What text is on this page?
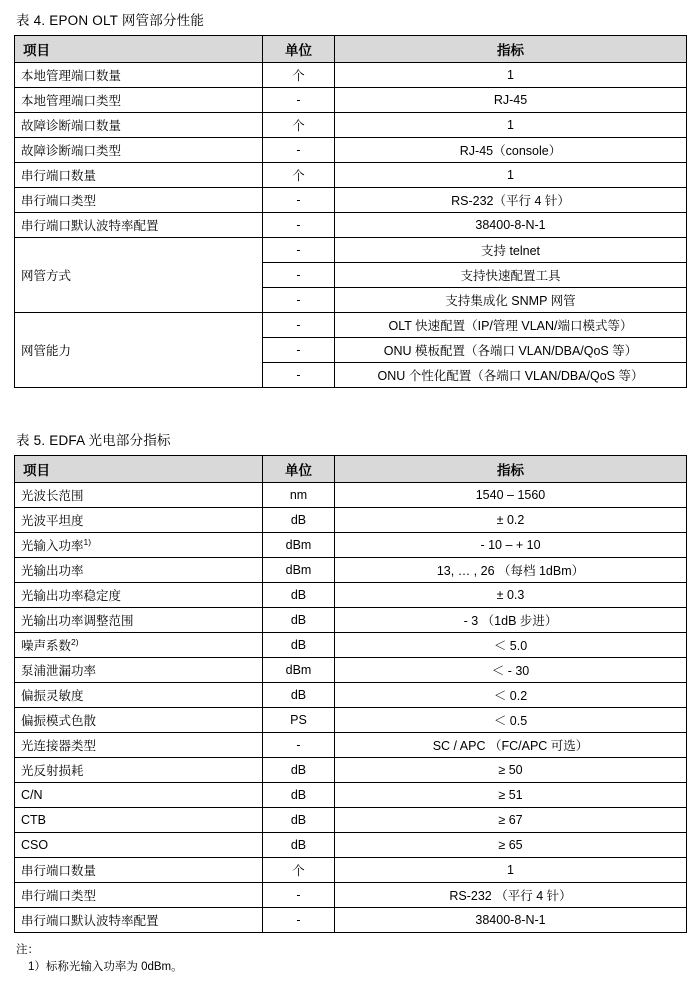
表 4. EPON OLT 网管部分性能
项目	单位	指标
本地管理端口数量	个	1
本地管理端口类型	-	RJ-45
故障诊断端口数量	个	1
故障诊断端口类型	-	RJ-45（console）
串行端口数量	个	1
串行端口类型	-	RS-232（平行 4 针）
串行端口默认波特率配置	-	38400-8-N-1
网管方式	-	支持 telnet
	-	支持快速配置工具
	-	支持集成化 SNMP 网管
网管能力	-	OLT 快速配置（IP/管理 VLAN/端口模式等）
	-	ONU 模板配置（各端口 VLAN/DBA/QoS 等）
	-	ONU 个性化配置（各端口 VLAN/DBA/QoS 等）
表 5. EDFA 光电部分指标
项目	单位	指标
光波长范围	nm	1540 – 1560
光波平坦度	dB	± 0.2
光输入功率$^{1)}$	dBm	- 10 – + 10
光输出功率	dBm	13, … , 26 （每档 1dBm）
光输出功率稳定度	dB	± 0.3
光输出功率调整范围	dB	- 3 （1dB 步进）
噪声系数$^{2)}$	dB	＜ 5.0
泵浦泄漏功率	dBm	＜ - 30
偏振灵敏度	dB	＜ 0.2
偏振模式色散	PS	＜ 0.5
光连接器类型	-	SC / APC （FC/APC 可选）
光反射损耗	dB	≥ 50
C/N	dB	≥ 51
CTB	dB	≥ 67
CSO	dB	≥ 65
串行端口数量	个	1
串行端口类型	-	RS-232 （平行 4 针）
串行端口默认波特率配置	-	38400-8-N-1
注：
1）标称光输入功率为 0dBm。
